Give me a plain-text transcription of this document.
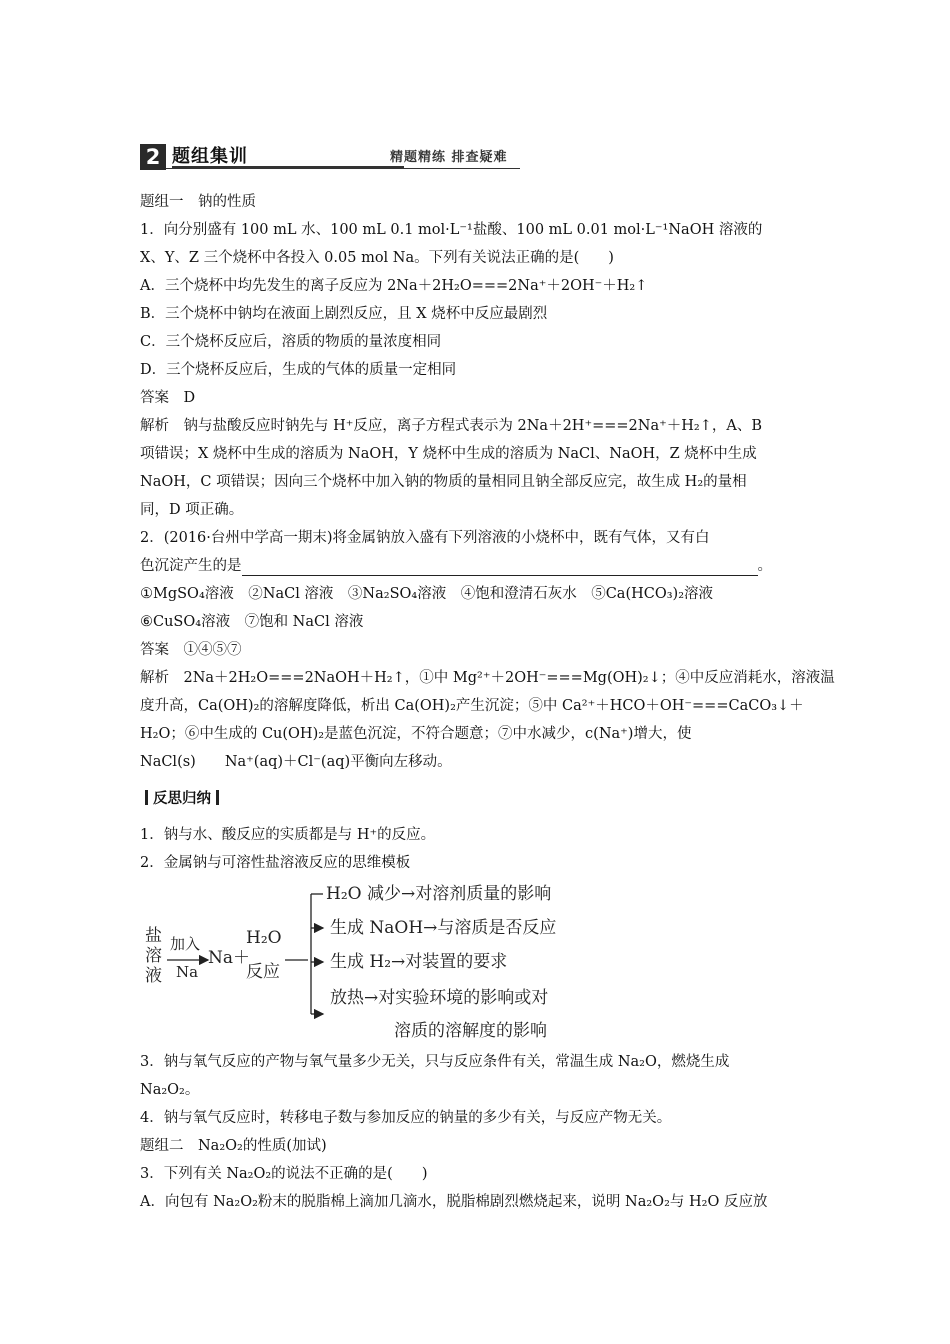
2 题组集训	精题精练 排查疑难
题组一　钠的性质
1．向分别盛有 100 mL 水、100 mL 0.1 mol·L⁻¹盐酸、100 mL 0.01 mol·L⁻¹NaOH 溶液的
X、Y、Z 三个烧杯中各投入 0.05 mol Na。下列有关说法正确的是(　　)
A．三个烧杯中均先发生的离子反应为 2Na＋2H₂O===2Na⁺＋2OH⁻＋H₂↑
B．三个烧杯中钠均在液面上剧烈反应，且 X 烧杯中反应最剧烈
C．三个烧杯反应后，溶质的物质的量浓度相同
D．三个烧杯反应后，生成的气体的质量一定相同
答案　D
解析　钠与盐酸反应时钠先与 H⁺反应，离子方程式表示为 2Na＋2H⁺===2Na⁺＋H₂↑，A、B
项错误；X 烧杯中生成的溶质为 NaOH，Y 烧杯中生成的溶质为 NaCl、NaOH，Z 烧杯中生成
NaOH，C 项错误；因向三个烧杯中加入钠的物质的量相同且钠全部反应完，故生成 H₂的量相
同，D 项正确。
2．(2016·台州中学高一期末)将金属钠放入盛有下列溶液的小烧杯中，既有气体，又有白
色沉淀产生的是	。
①MgSO₄溶液　②NaCl 溶液　③Na₂SO₄溶液　④饱和澄清石灰水　⑤Ca(HCO₃)₂溶液
⑥CuSO₄溶液　⑦饱和 NaCl 溶液
答案　①④⑤⑦
解析　2Na＋2H₂O===2NaOH＋H₂↑，①中 Mg²⁺＋2OH⁻===Mg(OH)₂↓；④中反应消耗水，溶液温
度升高，Ca(OH)₂的溶解度降低，析出 Ca(OH)₂产生沉淀；⑤中 Ca²⁺＋HCO＋OH⁻===CaCO₃↓＋
H₂O；⑥中生成的 Cu(OH)₂是蓝色沉淀，不符合题意；⑦中水减少，c(Na⁺)增大，使
NaCl(s)　　Na⁺(aq)＋Cl⁻(aq)平衡向左移动。
反思归纳
1．钠与水、酸反应的实质都是与 H⁺的反应。
2．金属钠与可溶性盐溶液反应的思维模板
盐
溶
液
加入
Na
Na＋
H₂O
反应
H₂O 减少→对溶剂质量的影响
生成 NaOH→与溶质是否反应
生成 H₂→对装置的要求
放热→对实验环境的影响或对
溶质的溶解度的影响
3．钠与氧气反应的产物与氧气量多少无关，只与反应条件有关，常温生成 Na₂O，燃烧生成
Na₂O₂。
4．钠与氧气反应时，转移电子数与参加反应的钠量的多少有关，与反应产物无关。
题组二　Na₂O₂的性质(加试)
3．下列有关 Na₂O₂的说法不正确的是(　　)
A．向包有 Na₂O₂粉末的脱脂棉上滴加几滴水，脱脂棉剧烈燃烧起来，说明 Na₂O₂与 H₂O 反应放
